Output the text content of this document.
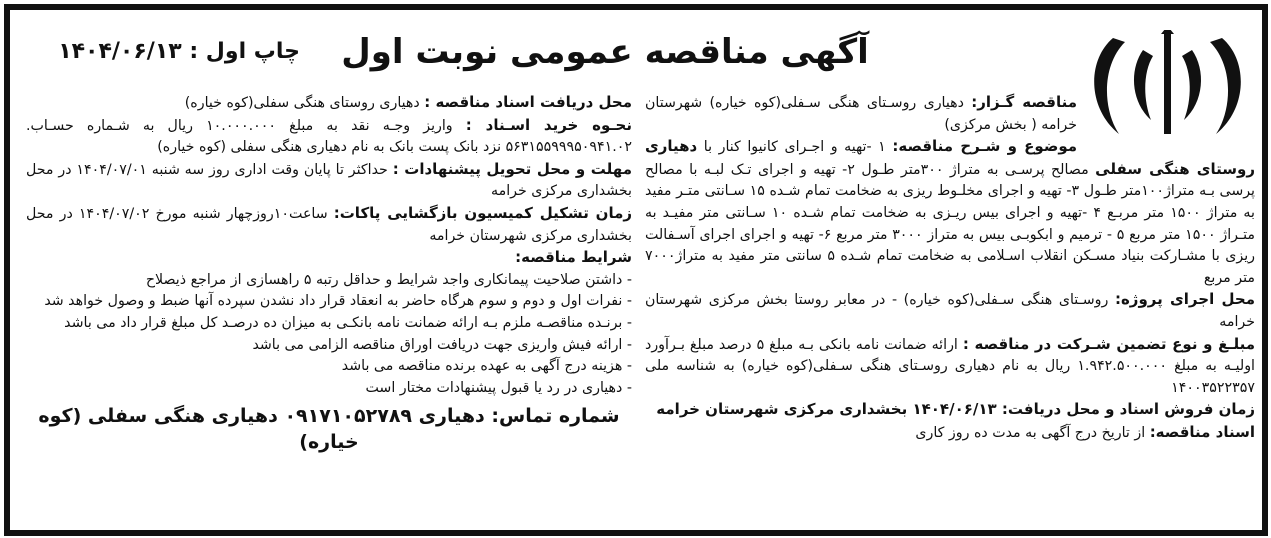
آگهی مناقصه عمومی نوبت اول
چاپ اول : ۱۴۰۴/۰۶/۱۳

مناقصه گـزار: دهیاری روسـتای هنگی سـفلی(کوه خیاره) شهرستان خرامه ( بخش مرکزی)

موضوع و شـرح مناقصه: ۱ -تهیه و اجـرای کانیوا کنار با دهیاری روستای هنگی سفلی مصالح پرسـی به متراژ ۳۰۰متر طـول ۲- تهیه و اجرای تـک لبـه با مصالح پرسی بـه متراژ۱۰۰متر طـول ۳- تهیه و اجرای مخلـوط ریزی به ضخامت تمام شـده ۱۵ سـانتی متـر مفید به متراژ ۱۵۰۰ متر مربـع ۴ -تهیه و اجرای بیس ریـزی به ضخامت تمام شـده ۱۰ سـانتی متر مفیـد به متـراژ ۱۵۰۰ متر مربع ۵ - ترمیم و ابکوبـی بیس به متراز ۳۰۰۰ متر مربع ۶- تهیه و اجرای اجرای آسـفالت ریزی با مشـارکت بنیاد مسـکن انقلاب اسـلامی به ضخامت تمام شـده ۵ سانتی متر مفید به متراژ۷۰۰۰ متر مربع

محل اجرای پروژه: روسـتای هنگی سـفلی(کوه خیاره) - در معابر روستا بخش مرکزی شهرستان خرامه

مبلـغ و نوع تضمین شـرکت در مناقصه : ارائه ضمانت نامه بانکی بـه مبلغ ۵ درصد مبلغ بـرآورد اولیـه به مبلغ ۱.۹۴۲.۵۰۰.۰۰۰ ریال به نام دهیاری روسـتای هنگی سـفلی(کوه خیاره) به شناسه ملی ۱۴۰۰۳۵۲۲۳۵۷

زمان فروش اسناد و محل دریافت: ۱۴۰۴/۰۶/۱۳ بخشداری مرکزی شهرستان خرامه

اسناد مناقصه: از تاریخ درج آگهی به مدت ده روز کاری

محل دریافت اسناد مناقصه : دهیاری روستای هنگی سفلی(کوه خیاره)

نحـوه خرید اسـناد : واریز وجـه نقد به مبلغ ۱۰.۰۰۰.۰۰۰ ریال به شـماره حسـاب. ۵۶۳۱۵۵۹۹۹۵۰۹۴۱.۰۲ نزد بانک پست بانک به نام دهیاری هنگی سفلی (کوه خیاره)

مهلت و محل تحویل پیشنهادات : حداکثر تا پایان وقت اداری روز سه شنبه ۱۴۰۴/۰۷/۰۱ در محل بخشداری مرکزی خرامه

زمان تشکیل کمیسیون بازگشایی پاکات: ساعت۱۰روزچهار شنبه مورخ ۱۴۰۴/۰۷/۰۲ در محل بخشداری مرکزی شهرستان خرامه

شرایط مناقصه:

- داشتن صلاحیت پیمانکاری واجد شرایط و حداقل رتبه ۵ راهسازی از مراجع ذیصلاح

- نفرات اول و دوم و سوم هرگاه حاضر به انعقاد قرار داد نشدن سپرده آنها ضبط و وصول خواهد شد

- برنـده مناقصـه ملزم بـه ارائه ضمانت نامه بانکـی به میزان ده درصـد کل مبلغ قرار داد می باشد

- ارائه فیش واریزی جهت دریافت اوراق مناقصه الزامی می باشد

- هزینه درج آگهی به عهده برنده مناقصه می باشد

- دهیاری در رد یا قبول پیشنهادات مختار است

شماره تماس: دهیاری ۰۹۱۷۱۰۵۲۷۸۹ دهیاری هنگی سفلی (کوه خیاره)
